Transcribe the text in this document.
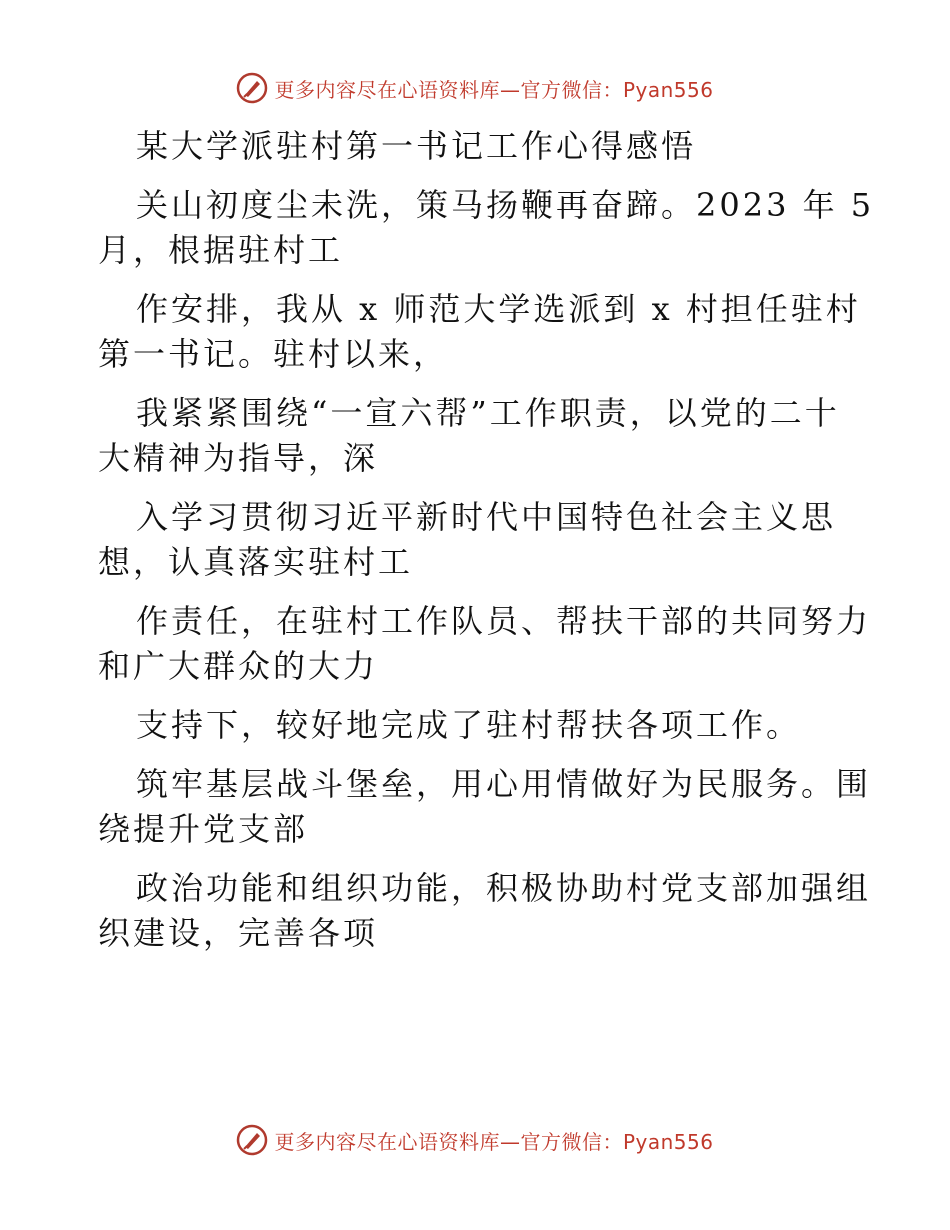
更多内容尽在心语资料库—官方微信：Pyan556
某大学派驻村第一书记工作心得感悟
关山初度尘未洗，策马扬鞭再奋蹄。2023 年 5
月，根据驻村工
作安排，我从 x 师范大学选派到 x 村担任驻村
第一书记。驻村以来，
我紧紧围绕“一宣六帮”工作职责，以党的二十
大精神为指导，深
入学习贯彻习近平新时代中国特色社会主义思
想，认真落实驻村工
作责任，在驻村工作队员、帮扶干部的共同努力
和广大群众的大力
支持下，较好地完成了驻村帮扶各项工作。
筑牢基层战斗堡垒，用心用情做好为民服务。围
绕提升党支部
政治功能和组织功能，积极协助村党支部加强组
织建设，完善各项
更多内容尽在心语资料库—官方微信：Pyan556
